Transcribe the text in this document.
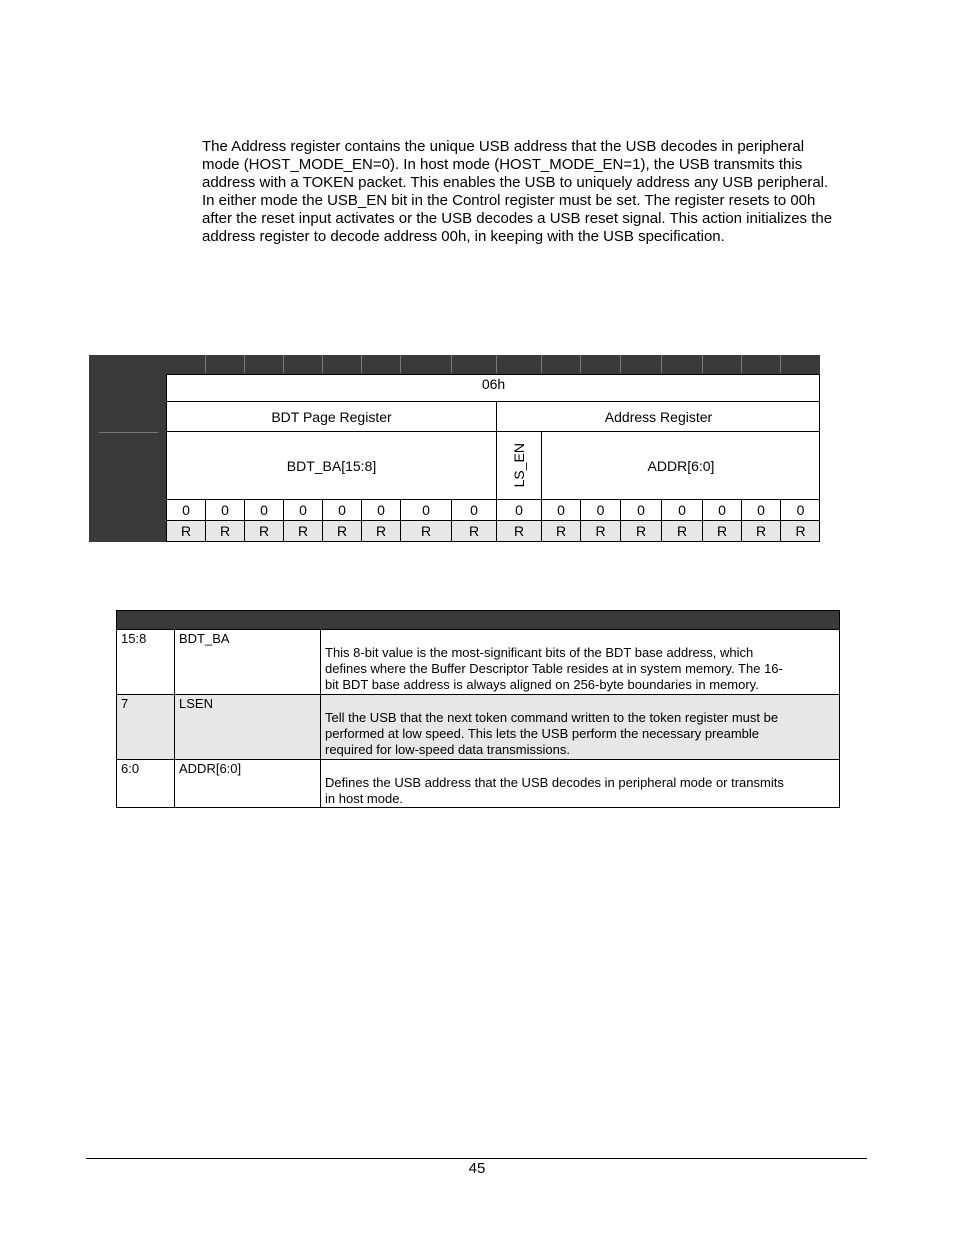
The Address register contains the unique USB address that the USB decodes in peripheral
mode (HOST_MODE_EN=0). In host mode (HOST_MODE_EN=1), the USB transmits this
address with a TOKEN packet. This enables the USB to uniquely address any USB peripheral.
In either mode the USB_EN bit in the Control register must be set. The register resets to 00h
after the reset input activates or the USB decodes a USB reset signal. This action initializes the
address register to decode address 00h, in keeping with the USB specification.

06h
BDT Page Register	Address Register
BDT_BA[15:8]	LS_EN	ADDR[6:0]
0	0	0	0	0	0	0	0	0	0	0	0	0	0	0	0
R	R	R	R	R	R	R	R	R	R	R	R	R	R	R	R

15:8	BDT_BA	This 8-bit value is the most-significant bits of the BDT base address, which
defines where the Buffer Descriptor Table resides at in system memory. The 16-
bit BDT base address is always aligned on 256-byte boundaries in memory.

7	LSEN	Tell the USB that the next token command written to the token register must be
performed at low speed. This lets the USB perform the necessary preamble
required for low-speed data transmissions.

6:0	ADDR[6:0]	Defines the USB address that the USB decodes in peripheral mode or transmits
in host mode.
45
